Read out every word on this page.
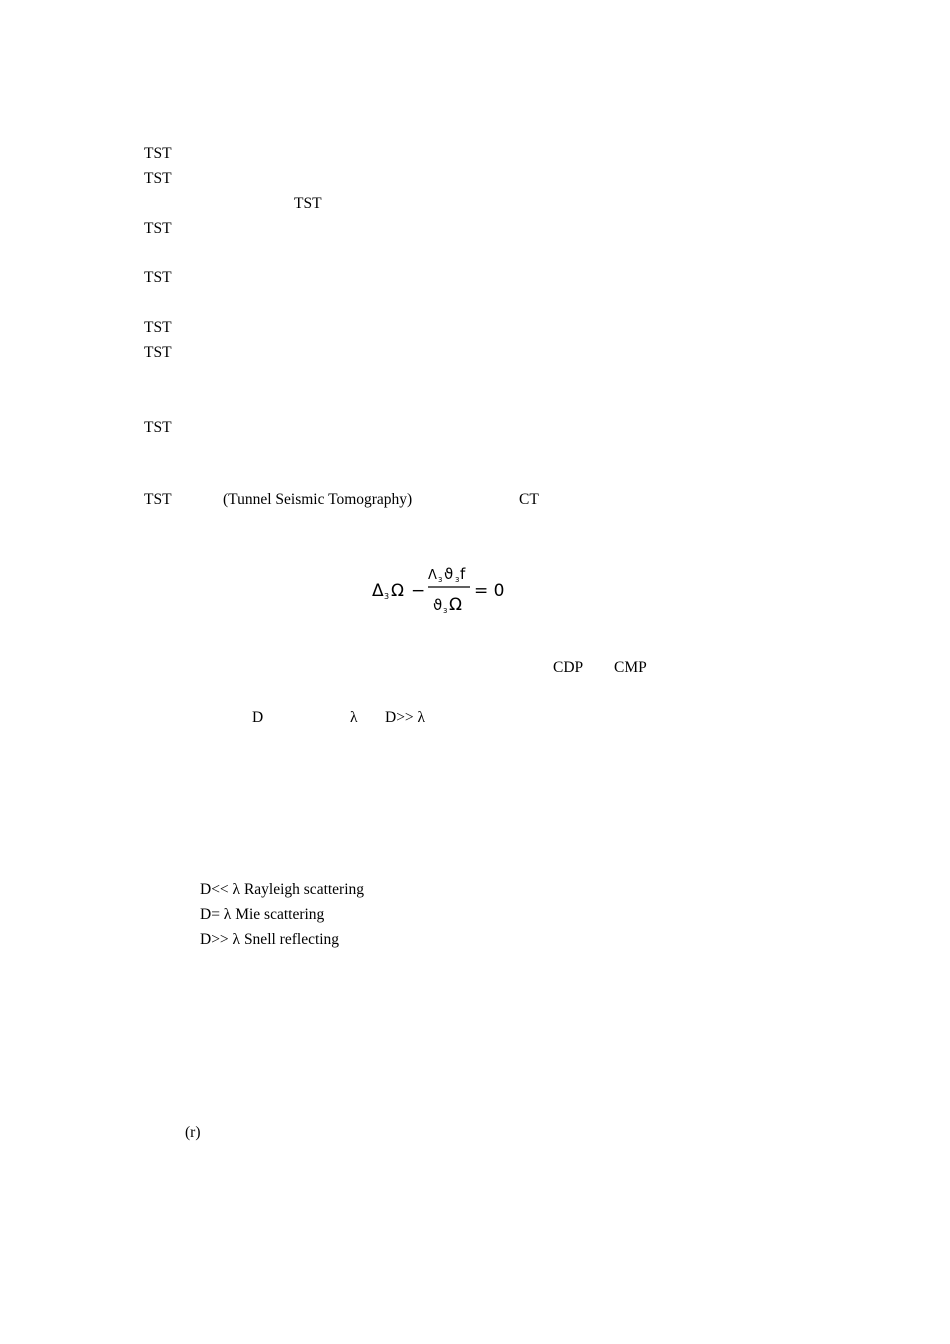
TST
TST
TST
TST
TST
TST
TST
TST
TST	(Tunnel Seismic Tomography)	CT
Δ 3 Ω −
Λ 3 ϑ 3 f
ϑ 3 Ω
= 0
CDP CMP
D	λ D>> λ
D<< λ Rayleigh scattering
D= λ Mie scattering
D>> λ Snell reflecting
(r)
